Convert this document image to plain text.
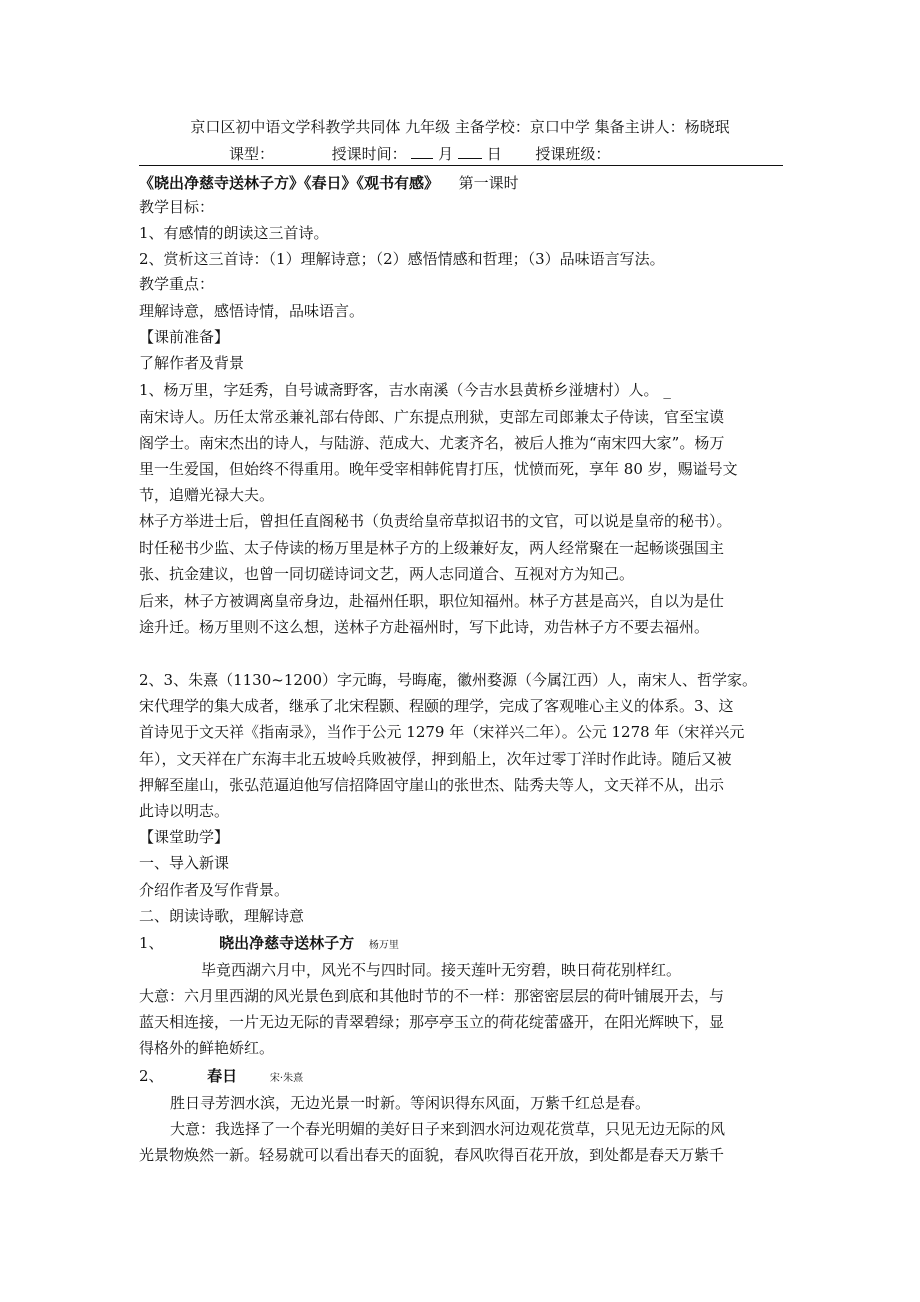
京口区初中语文学科教学共同体 九年级 主备学校：京口中学 集备主讲人：杨晓珉
课型：	授课时间： 月 日 授课班级：
《晓出净慈寺送林子方》《春日》《观书有感》 第一课时
教学目标：
1、有感情的朗读这三首诗。
2、赏析这三首诗：（1）理解诗意；（2）感悟情感和哲理；（3）品味语言写法。
教学重点：
理解诗意，感悟诗情，品味语言。
【课前准备】
了解作者及背景
1、杨万里，字廷秀，自号诚斋野客，吉水南溪（今吉水县黄桥乡湴塘村）人。 _
南宋诗人。历任太常丞兼礼部右侍郎、广东提点刑狱，吏部左司郎兼太子侍读，官至宝谟
阁学士。南宋杰出的诗人，与陆游、范成大、尤袤齐名，被后人推为“南宋四大家”。杨万
里一生爱国，但始终不得重用。晚年受宰相韩侂胄打压，忧愤而死，享年 80 岁，赐谥号文
节，追赠光禄大夫。
林子方举进士后，曾担任直阁秘书（负责给皇帝草拟诏书的文官，可以说是皇帝的秘书）。
时任秘书少监、太子侍读的杨万里是林子方的上级兼好友，两人经常聚在一起畅谈强国主
张、抗金建议，也曾一同切磋诗词文艺，两人志同道合、互视对方为知己。
后来，林子方被调离皇帝身边，赴福州任职，职位知福州。林子方甚是高兴，自以为是仕
途升迁。杨万里则不这么想，送林子方赴福州时，写下此诗，劝告林子方不要去福州。
2、3、朱熹（1130~1200）字元晦，号晦庵，徽州婺源（今属江西）人，南宋人、哲学家。
宋代理学的集大成者，继承了北宋程颢、程颐的理学，完成了客观唯心主义的体系。3、这
首诗见于文天祥《指南录》，当作于公元 1279 年（宋祥兴二年）。公元 1278 年（宋祥兴元
年），文天祥在广东海丰北五坡岭兵败被俘，押到船上，次年过零丁洋时作此诗。随后又被
押解至崖山，张弘范逼迫他写信招降固守崖山的张世杰、陆秀夫等人，文天祥不从，出示
此诗以明志。
【课堂助学】
一、导入新课
介绍作者及写作背景。
二、朗读诗歌，理解诗意
1、	晓出净慈寺送林子方 杨万里
毕竟西湖六月中，风光不与四时同。接天莲叶无穷碧，映日荷花别样红。
大意：六月里西湖的风光景色到底和其他时节的不一样：那密密层层的荷叶铺展开去，与
蓝天相连接，一片无边无际的青翠碧绿；那亭亭玉立的荷花绽蕾盛开，在阳光辉映下，显
得格外的鲜艳娇红。
2、	春日	宋·朱熹
胜日寻芳泗水滨，无边光景一时新。等闲识得东风面，万紫千红总是春。
大意：我选择了一个春光明媚的美好日子来到泗水河边观花赏草，只见无边无际的风
光景物焕然一新。轻易就可以看出春天的面貌，春风吹得百花开放，到处都是春天万紫千
